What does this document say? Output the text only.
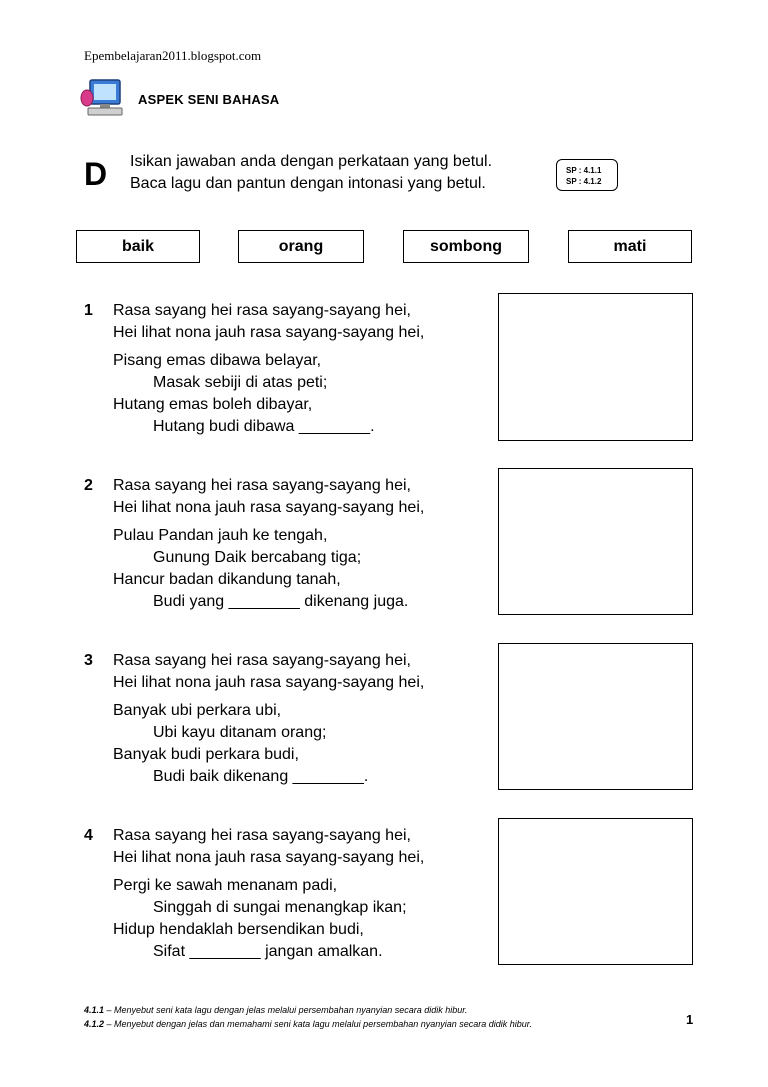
Epembelajaran2011.blogspot.com
ASPEK SENI BAHASA
D Isikan jawaban anda dengan perkataan yang betul.
Baca lagu dan pantun dengan intonasi yang betul.
SP : 4.1.1
SP : 4.1.2
baik	orang	sombong	mati
1 Rasa sayang hei rasa sayang-sayang hei,
Hei lihat nona jauh rasa sayang-sayang hei,
Pisang emas dibawa belayar,
Masak sebiji di atas peti;
Hutang emas boleh dibayar,
Hutang budi dibawa ________.
2 Rasa sayang hei rasa sayang-sayang hei,
Hei lihat nona jauh rasa sayang-sayang hei,
Pulau Pandan jauh ke tengah,
Gunung Daik bercabang tiga;
Hancur badan dikandung tanah,
Budi yang ________ dikenang juga.
3 Rasa sayang hei rasa sayang-sayang hei,
Hei lihat nona jauh rasa sayang-sayang hei,
Banyak ubi perkara ubi,
Ubi kayu ditanam orang;
Banyak budi perkara budi,
Budi baik dikenang ________.
4 Rasa sayang hei rasa sayang-sayang hei,
Hei lihat nona jauh rasa sayang-sayang hei,
Pergi ke sawah menanam padi,
Singgah di sungai menangkap ikan;
Hidup hendaklah bersendikan budi,
Sifat ________ jangan amalkan.
4.1.1 – Menyebut seni kata lagu dengan jelas melalui persembahan nyanyian secara didik hibur.
4.1.2 – Menyebut dengan jelas dan memahami seni kata lagu melalui persembahan nyanyian secara didik hibur.	1
